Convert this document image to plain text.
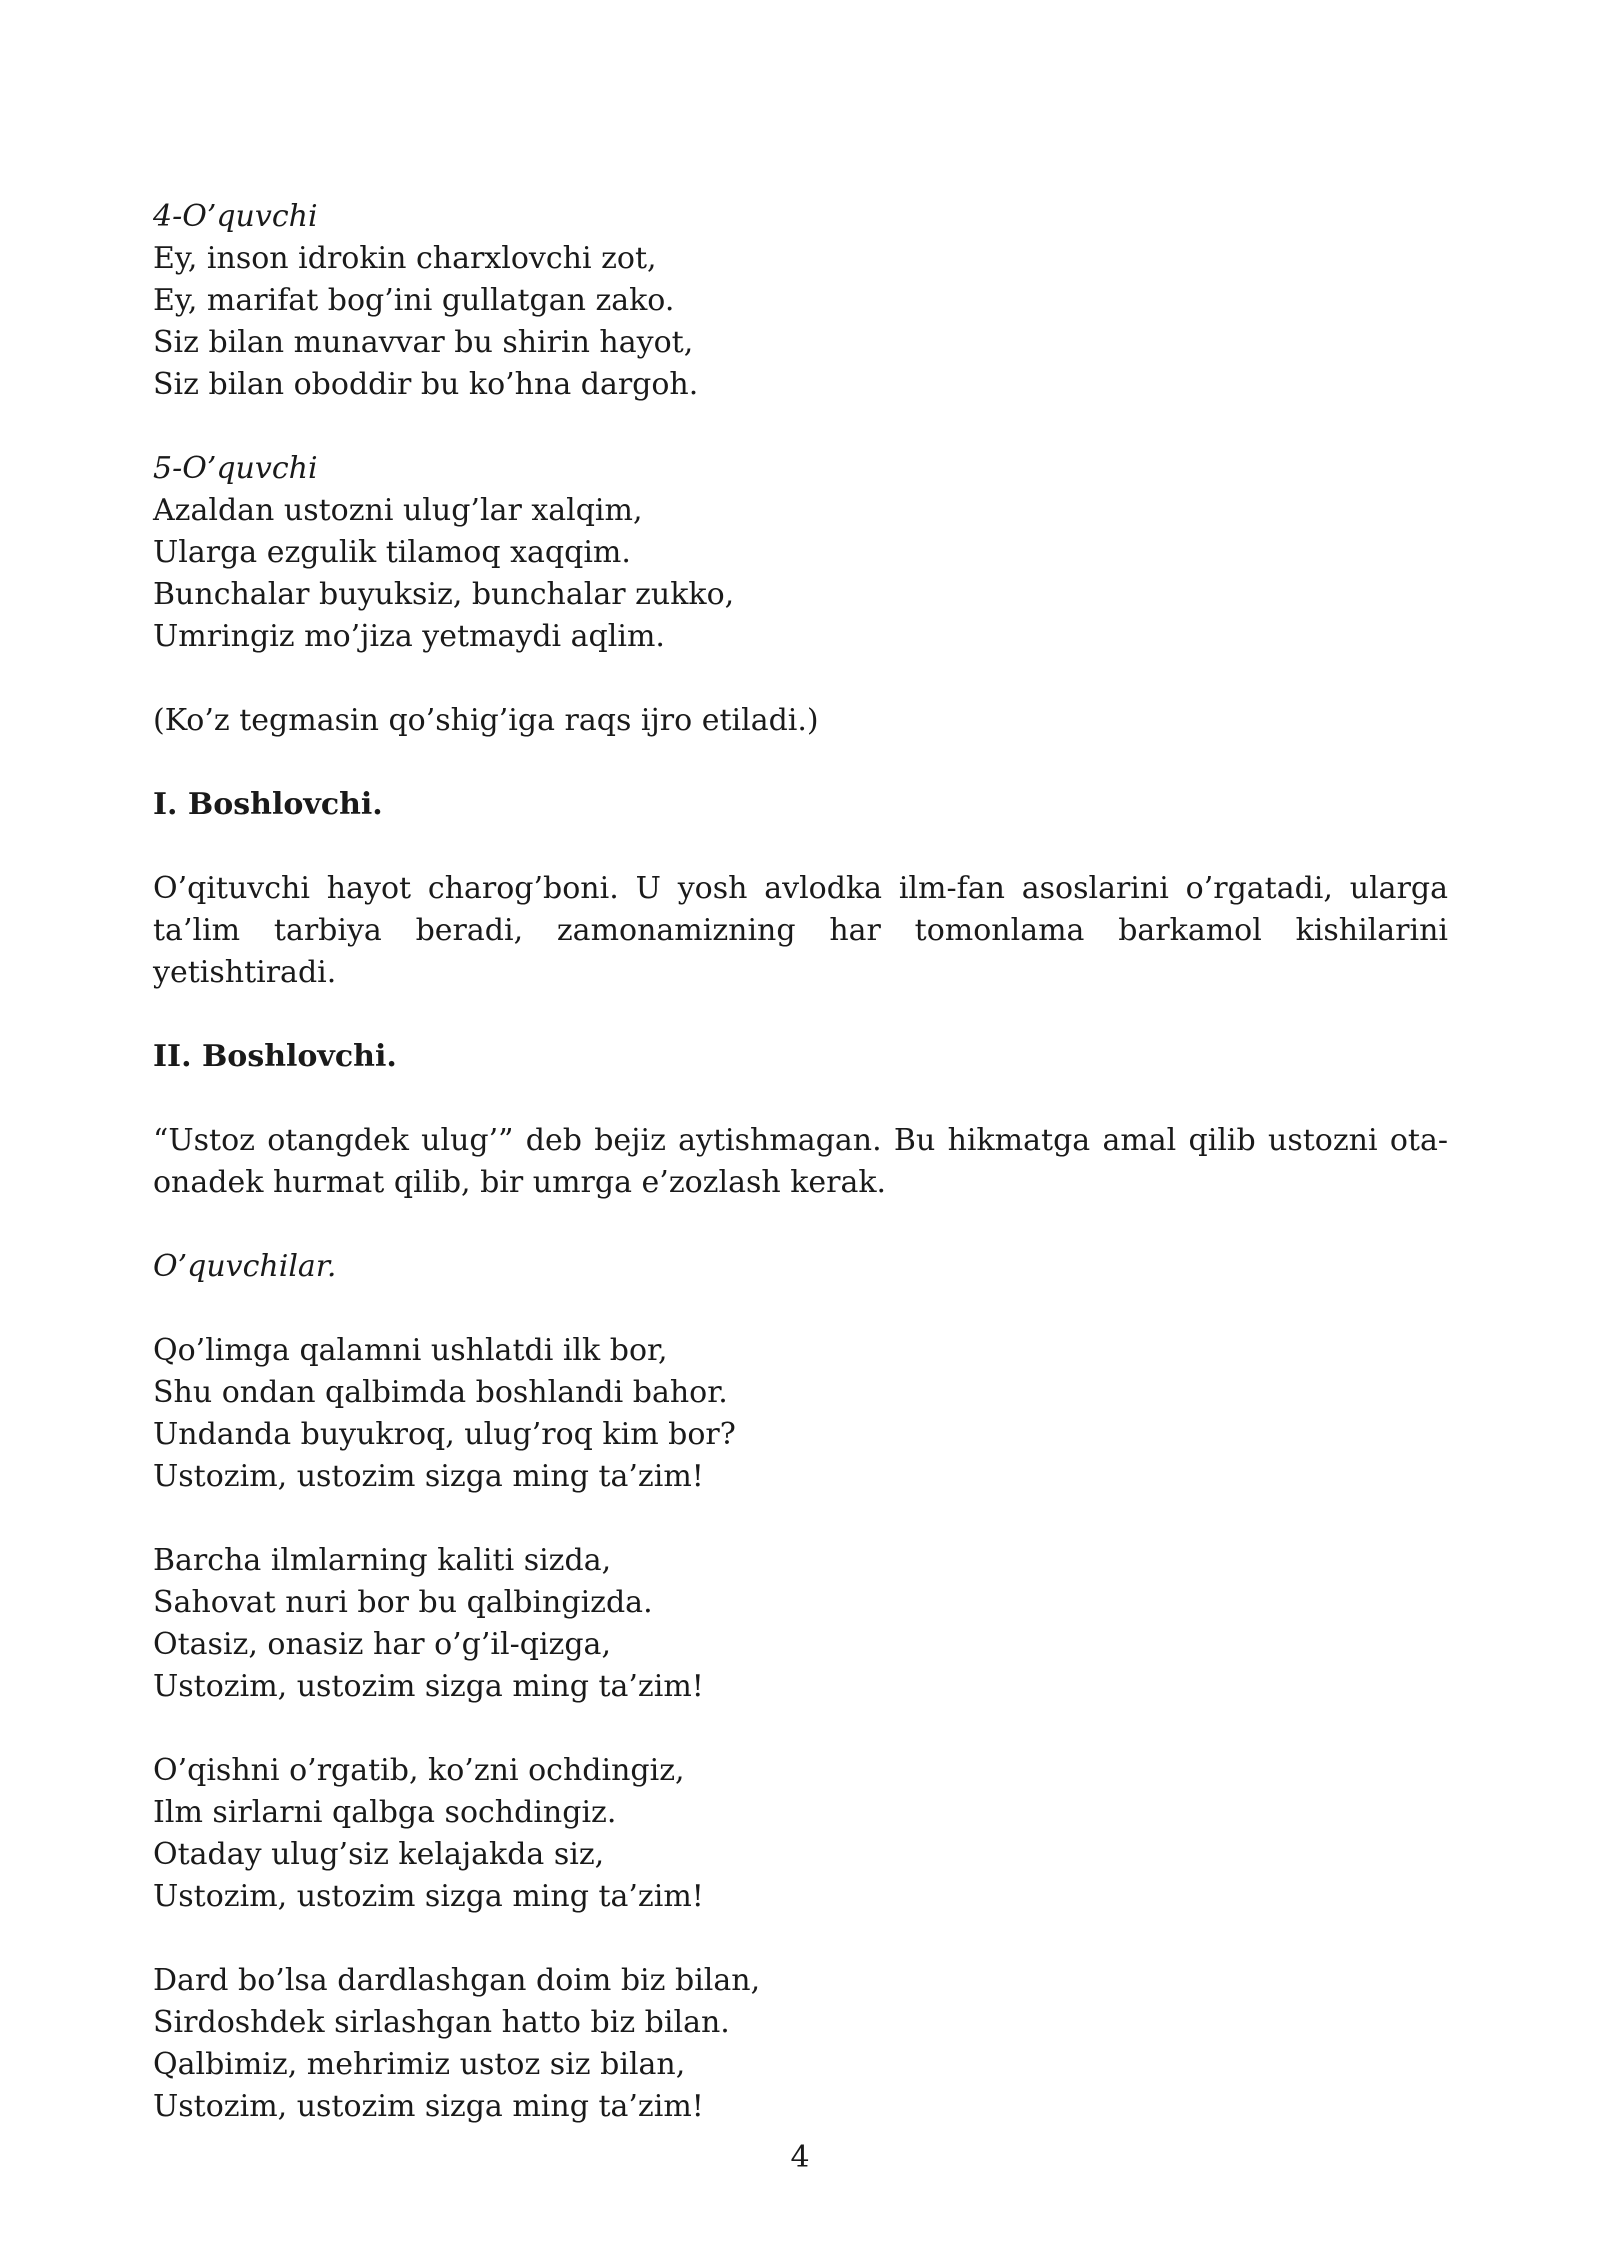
4-O’quvchi
Ey, inson idrokin charxlovchi zot,
Ey, marifat bog’ini gullatgan zako.
Siz bilan munavvar bu shirin hayot,
Siz bilan oboddir bu ko’hna dargoh.
5-O’quvchi
Azaldan ustozni ulug’lar xalqim,
Ularga ezgulik tilamoq xaqqim.
Bunchalar buyuksiz, bunchalar zukko,
Umringiz mo’jiza yetmaydi aqlim.
(Ko’z tegmasin qo’shig’iga raqs ijro etiladi.)
I. Boshlovchi.
O’qituvchi hayot charog’boni. U yosh avlodka ilm-fan asoslarini o’rgatadi, ularga ta’lim tarbiya beradi, zamonamizning har tomonlama barkamol kishilarini yetishtiradi.
II. Boshlovchi.
“Ustoz otangdek ulug’” deb bejiz aytishmagan. Bu hikmatga amal qilib ustozni ota-onadek hurmat qilib, bir umrga e’zozlash kerak.
O’quvchilar.
Qo’limga qalamni ushlatdi ilk bor,
Shu ondan qalbimda boshlandi bahor.
Undanda buyukroq, ulug’roq kim bor?
Ustozim, ustozim sizga ming ta’zim!
Barcha ilmlarning kaliti sizda,
Sahovat nuri bor bu qalbingizda.
Otasiz, onasiz har o’g’il-qizga,
Ustozim, ustozim sizga ming ta’zim!
O’qishni o’rgatib, ko’zni ochdingiz,
Ilm sirlarni qalbga sochdingiz.
Otaday ulug’siz kelajakda siz,
Ustozim, ustozim sizga ming ta’zim!
Dard bo’lsa dardlashgan doim biz bilan,
Sirdoshdek sirlashgan hatto biz bilan.
Qalbimiz, mehrimiz ustoz siz bilan,
Ustozim, ustozim sizga ming ta’zim!
4
